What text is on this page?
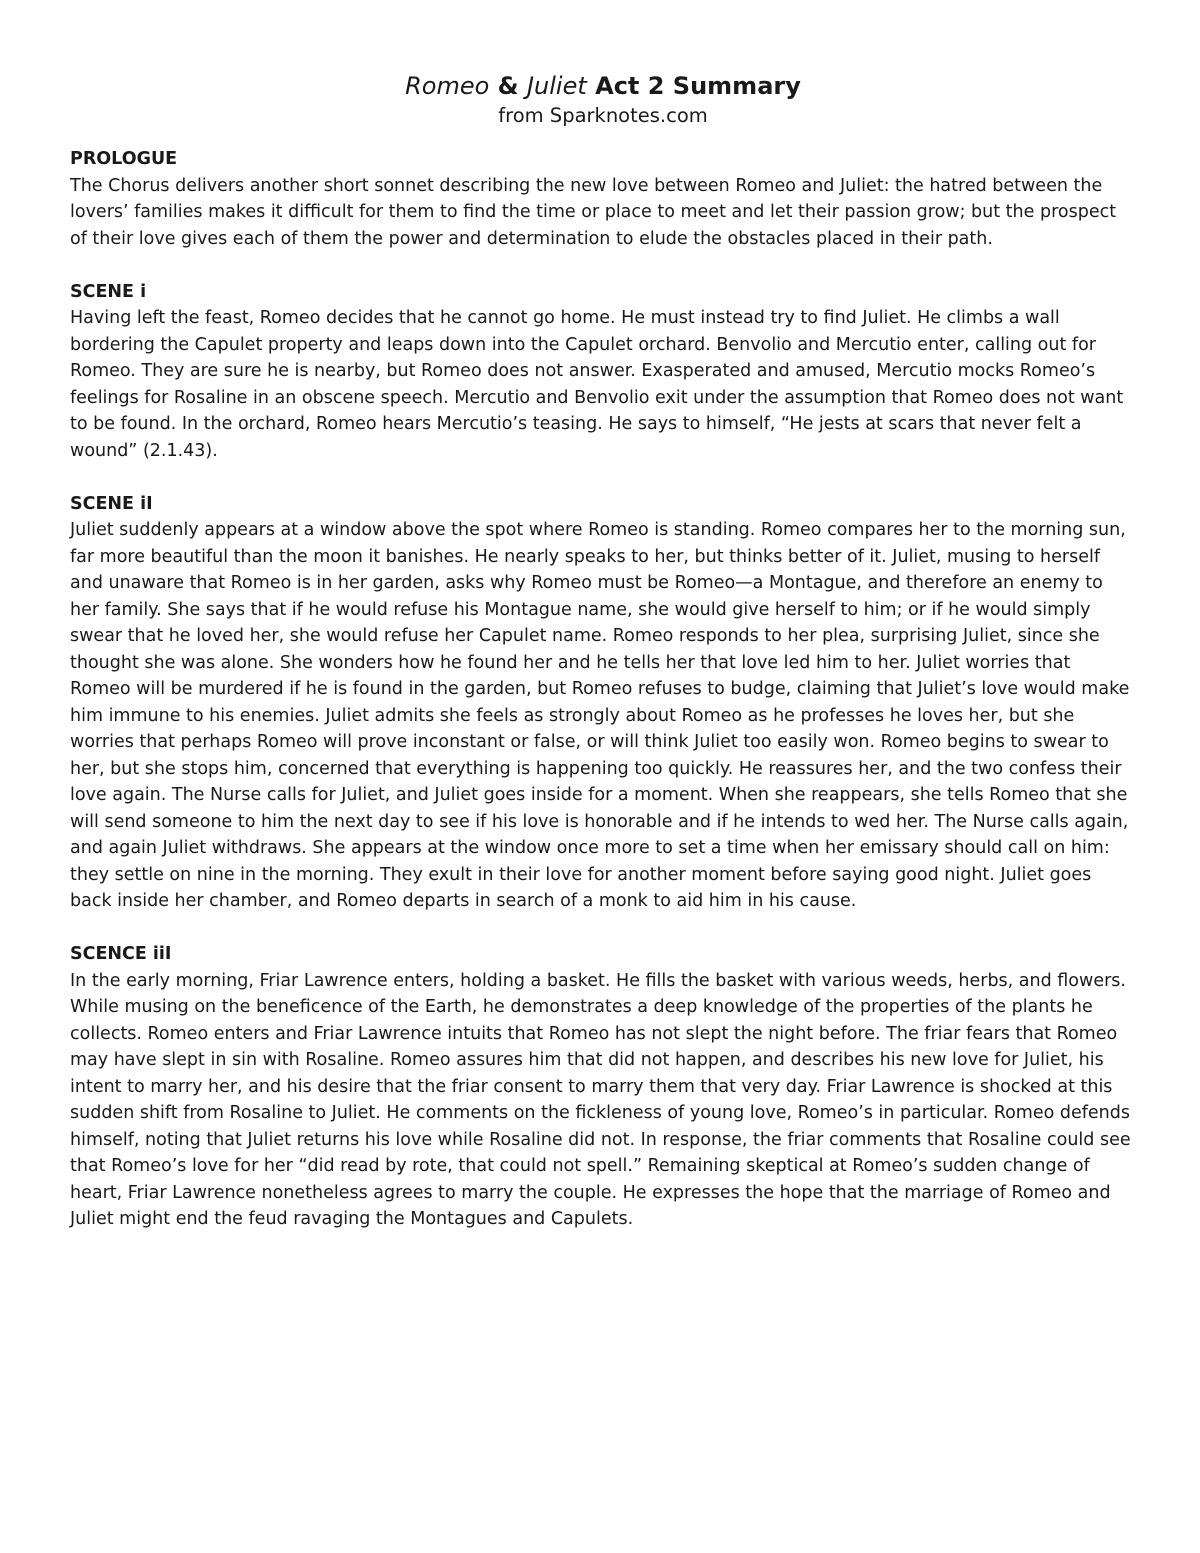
Romeo & Juliet Act 2 Summary

from Sparknotes.com

PROLOGUE

The Chorus delivers another short sonnet describing the new love between Romeo and Juliet: the hatred between the lovers’ families makes it difficult for them to find the time or place to meet and let their passion grow; but the prospect of their love gives each of them the power and determination to elude the obstacles placed in their path.

SCENE i

Having left the feast, Romeo decides that he cannot go home. He must instead try to find Juliet. He climbs a wall bordering the Capulet property and leaps down into the Capulet orchard. Benvolio and Mercutio enter, calling out for Romeo. They are sure he is nearby, but Romeo does not answer. Exasperated and amused, Mercutio mocks Romeo’s feelings for Rosaline in an obscene speech. Mercutio and Benvolio exit under the assumption that Romeo does not want to be found. In the orchard, Romeo hears Mercutio’s teasing. He says to himself, “He jests at scars that never felt a wound” (2.1.43).

SCENE iI

Juliet suddenly appears at a window above the spot where Romeo is standing. Romeo compares her to the morning sun, far more beautiful than the moon it banishes. He nearly speaks to her, but thinks better of it. Juliet, musing to herself and unaware that Romeo is in her garden, asks why Romeo must be Romeo—a Montague, and therefore an enemy to her family. She says that if he would refuse his Montague name, she would give herself to him; or if he would simply swear that he loved her, she would refuse her Capulet name. Romeo responds to her plea, surprising Juliet, since she thought she was alone. She wonders how he found her and he tells her that love led him to her. Juliet worries that Romeo will be murdered if he is found in the garden, but Romeo refuses to budge, claiming that Juliet’s love would make him immune to his enemies. Juliet admits she feels as strongly about Romeo as he professes he loves her, but she worries that perhaps Romeo will prove inconstant or false, or will think Juliet too easily won. Romeo begins to swear to her, but she stops him, concerned that everything is happening too quickly. He reassures her, and the two confess their love again. The Nurse calls for Juliet, and Juliet goes inside for a moment. When she reappears, she tells Romeo that she will send someone to him the next day to see if his love is honorable and if he intends to wed her. The Nurse calls again, and again Juliet withdraws. She appears at the window once more to set a time when her emissary should call on him: they settle on nine in the morning. They exult in their love for another moment before saying good night. Juliet goes back inside her chamber, and Romeo departs in search of a monk to aid him in his cause.

SCENCE iiI

In the early morning, Friar Lawrence enters, holding a basket. He fills the basket with various weeds, herbs, and flowers. While musing on the beneficence of the Earth, he demonstrates a deep knowledge of the properties of the plants he collects. Romeo enters and Friar Lawrence intuits that Romeo has not slept the night before. The friar fears that Romeo may have slept in sin with Rosaline. Romeo assures him that did not happen, and describes his new love for Juliet, his intent to marry her, and his desire that the friar consent to marry them that very day. Friar Lawrence is shocked at this sudden shift from Rosaline to Juliet. He comments on the fickleness of young love, Romeo’s in particular. Romeo defends himself, noting that Juliet returns his love while Rosaline did not. In response, the friar comments that Rosaline could see that Romeo’s love for her “did read by rote, that could not spell.” Remaining skeptical at Romeo’s sudden change of heart, Friar Lawrence nonetheless agrees to marry the couple. He expresses the hope that the marriage of Romeo and Juliet might end the feud ravaging the Montagues and Capulets.
